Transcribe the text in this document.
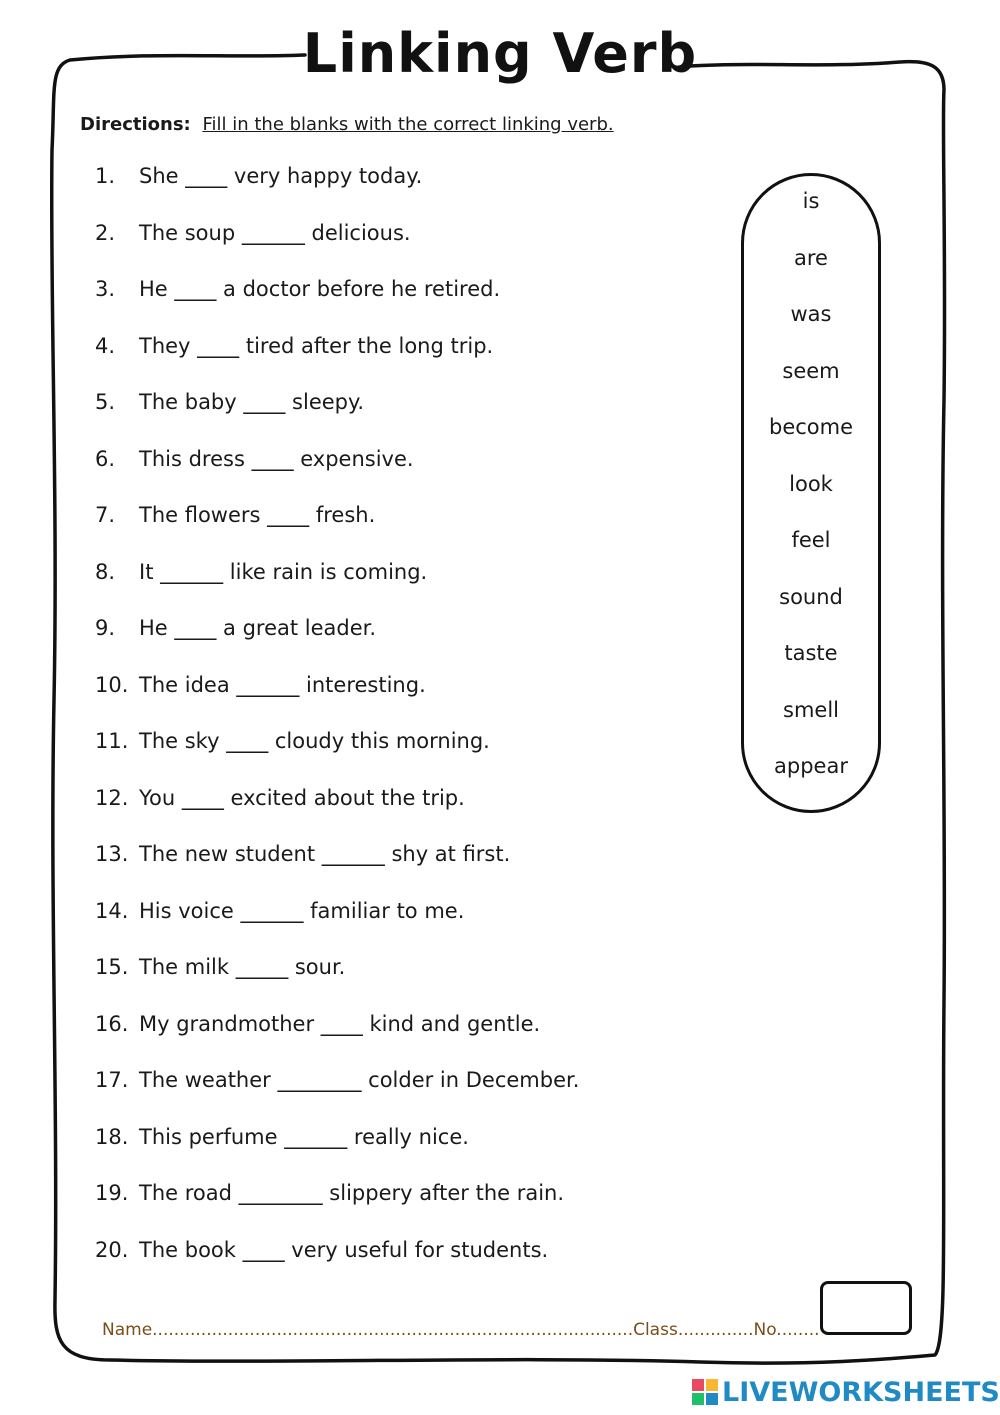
Linking Verb
Directions: Fill in the blanks with the correct linking verb.
1. She ____ very happy today.
2. The soup ______ delicious.
3. He ____ a doctor before he retired.
4. They ____ tired after the long trip.
5. The baby ____ sleepy.
6. This dress ____ expensive.
7. The flowers ____ fresh.
8. It ______ like rain is coming.
9. He ____ a great leader.
10. The idea ______ interesting.
11. The sky ____ cloudy this morning.
12. You ____ excited about the trip.
13. The new student ______ shy at first.
14. His voice ______ familiar to me.
15. The milk _____ sour.
16. My grandmother ____ kind and gentle.
17. The weather ________ colder in December.
18. This perfume ______ really nice.
19. The road ________ slippery after the rain.
20. The book ____ very useful for students.
is
are
was
seem
become
look
feel
sound
taste
smell
appear
Name.........................................................................................Class..............No........
LIVEWORKSHEETS
